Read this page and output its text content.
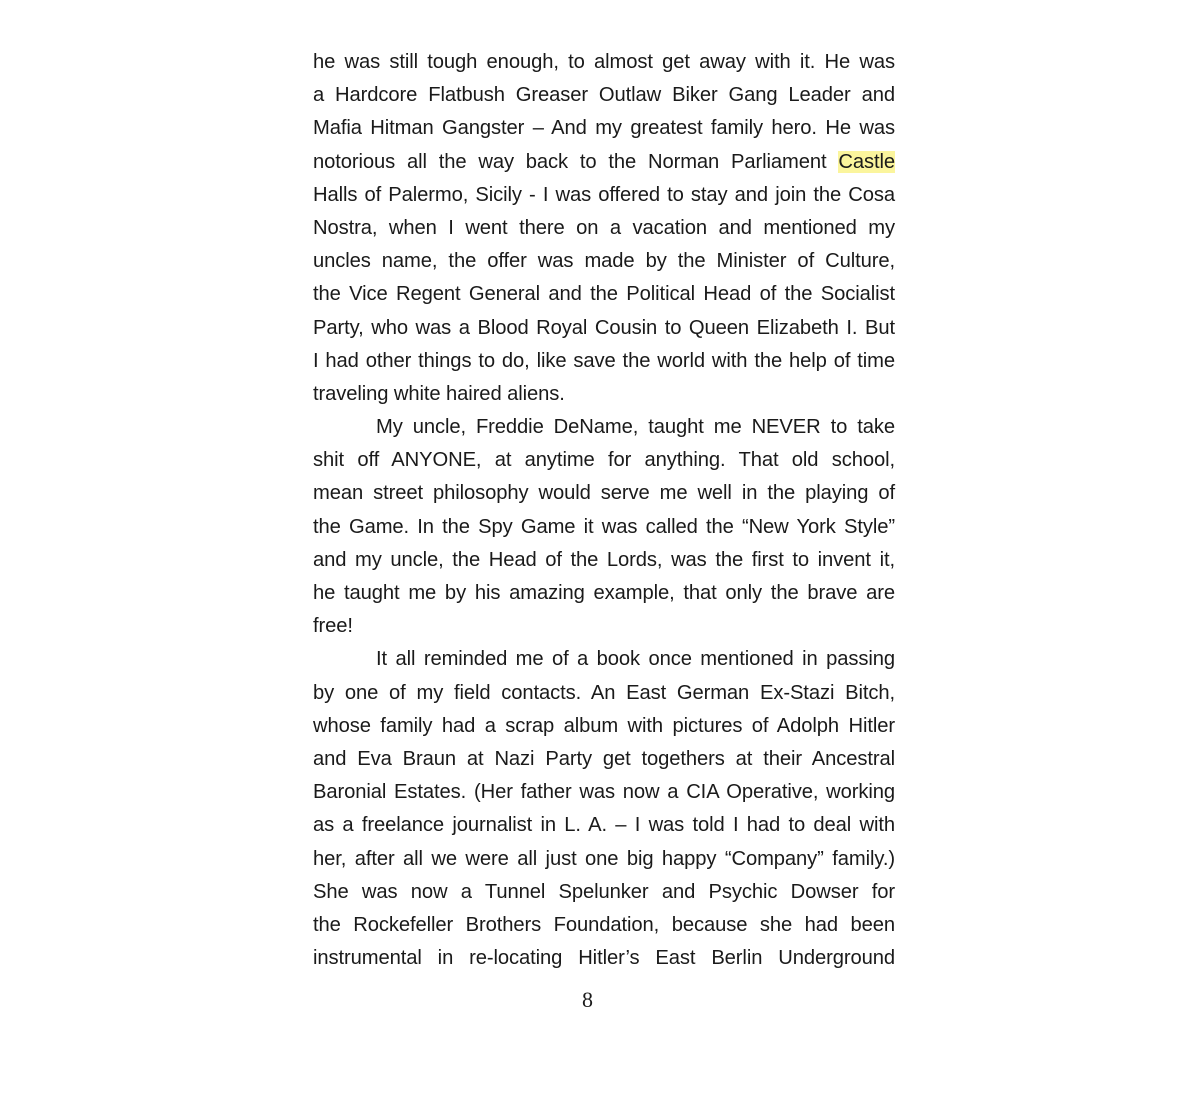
he was still tough enough, to almost get away with it. He was
a Hardcore Flatbush Greaser Outlaw Biker Gang Leader and
Mafia Hitman Gangster – And my greatest family hero. He was
notorious all the way back to the Norman Parliament Castle
Halls of Palermo, Sicily - I was offered to stay and join the Cosa
Nostra, when I went there on a vacation and mentioned my
uncles name, the offer was made by the Minister of Culture,
the Vice Regent General and the Political Head of the Socialist
Party, who was a Blood Royal Cousin to Queen Elizabeth I. But
I had other things to do, like save the world with the help of time
traveling white haired aliens.
My uncle, Freddie DeName, taught me NEVER to take
shit off ANYONE, at anytime for anything. That old school,
mean street philosophy would serve me well in the playing of
the Game. In the Spy Game it was called the “New York Style”
and my uncle, the Head of the Lords, was the first to invent it,
he taught me by his amazing example, that only the brave are
free!
It all reminded me of a book once mentioned in passing
by one of my field contacts. An East German Ex-Stazi Bitch,
whose family had a scrap album with pictures of Adolph Hitler
and Eva Braun at Nazi Party get togethers at their Ancestral
Baronial Estates. (Her father was now a CIA Operative, working
as a freelance journalist in L. A. – I was told I had to deal with
her, after all we were all just one big happy “Company” family.)
She was now a Tunnel Spelunker and Psychic Dowser for
the Rockefeller Brothers Foundation, because she had been
instrumental in re-locating Hitler’s East Berlin Underground
8
